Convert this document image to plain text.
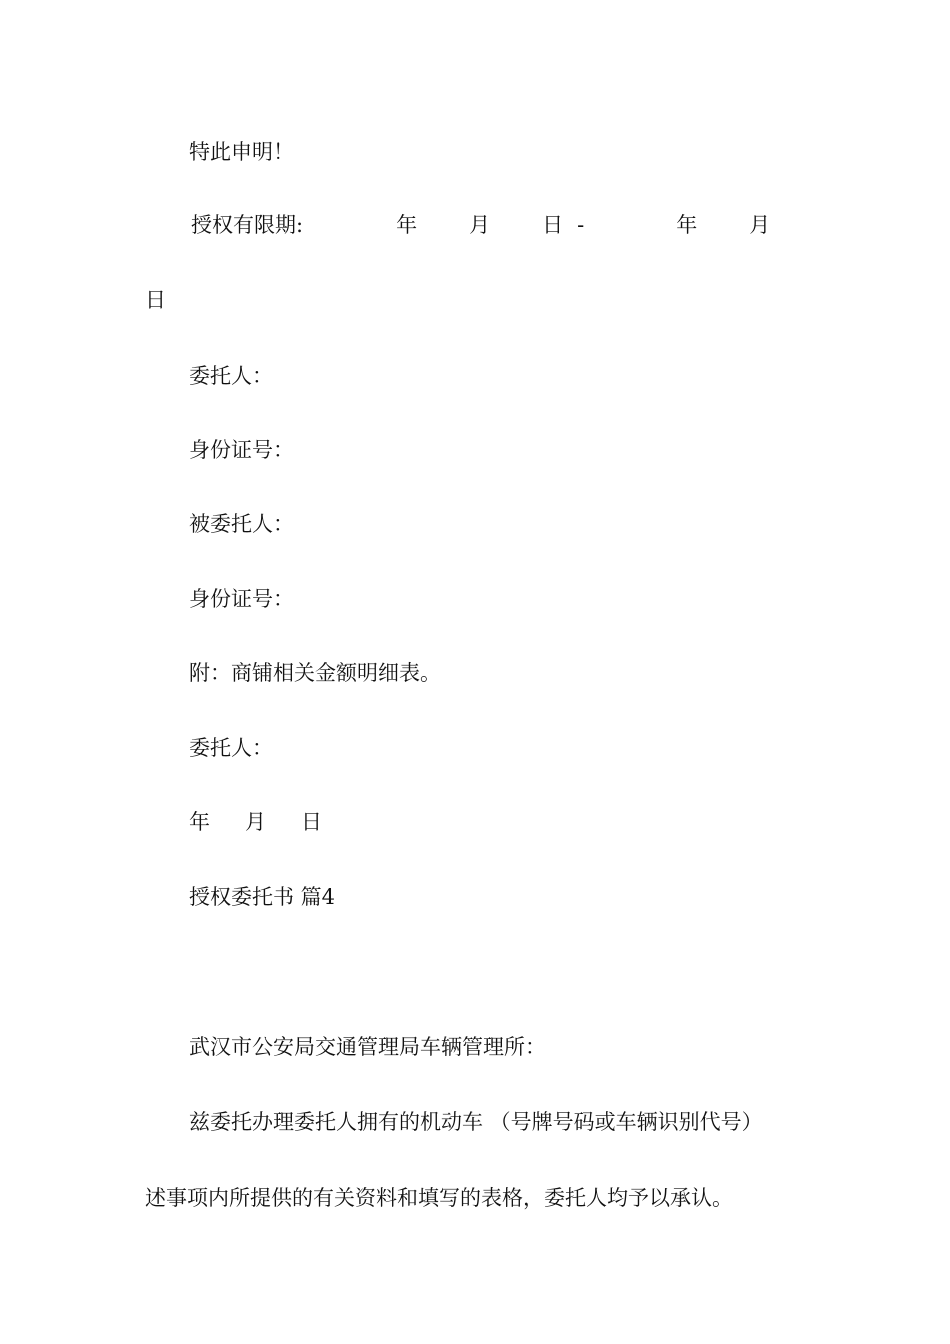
特此申明！
授权有限期:	年 月 日 -	年 月
日
委托人：
身份证号：
被委托人：
身份证号：
附：商铺相关金额明细表。
委托人：
年 月 日
授权委托书 篇4
武汉市公安局交通管理局车辆管理所：
兹委托办理委托人拥有的机动车 （号牌号码或车辆识别代号）
述事项内所提供的有关资料和填写的表格，委托人均予以承认。
